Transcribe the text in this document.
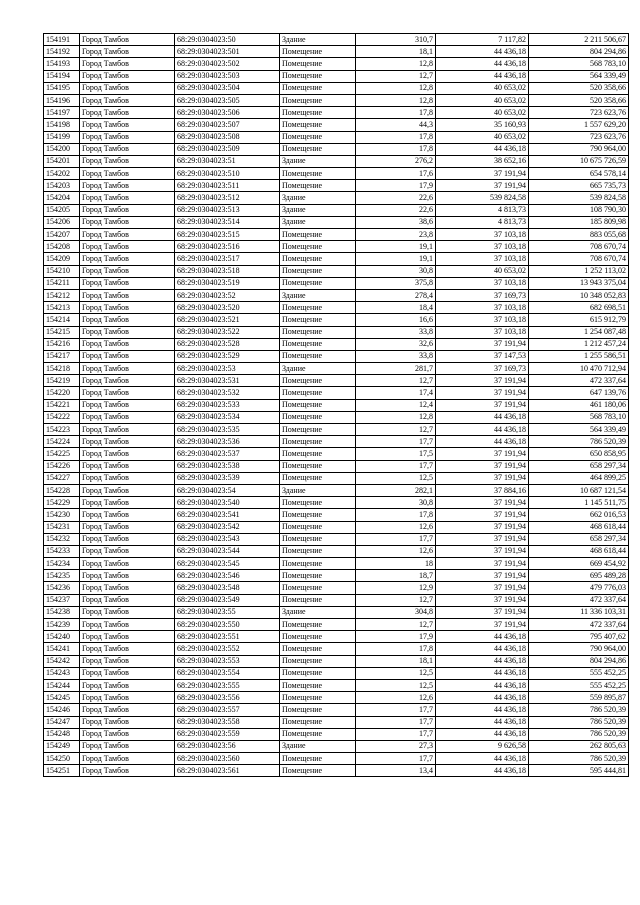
154191	Город Тамбов	68:29:0304023:50	Здание	310,7	7 117,82	2 211 506,67
154192	Город Тамбов	68:29:0304023:501	Помещение	18,1	44 436,18	804 294,86
154193	Город Тамбов	68:29:0304023:502	Помещение	12,8	44 436,18	568 783,10
154194	Город Тамбов	68:29:0304023:503	Помещение	12,7	44 436,18	564 339,49
154195	Город Тамбов	68:29:0304023:504	Помещение	12,8	40 653,02	520 358,66
154196	Город Тамбов	68:29:0304023:505	Помещение	12,8	40 653,02	520 358,66
154197	Город Тамбов	68:29:0304023:506	Помещение	17,8	40 653,02	723 623,76
154198	Город Тамбов	68:29:0304023:507	Помещение	44,3	35 160,93	1 557 629,20
154199	Город Тамбов	68:29:0304023:508	Помещение	17,8	40 653,02	723 623,76
154200	Город Тамбов	68:29:0304023:509	Помещение	17,8	44 436,18	790 964,00
154201	Город Тамбов	68:29:0304023:51	Здание	276,2	38 652,16	10 675 726,59
154202	Город Тамбов	68:29:0304023:510	Помещение	17,6	37 191,94	654 578,14
154203	Город Тамбов	68:29:0304023:511	Помещение	17,9	37 191,94	665 735,73
154204	Город Тамбов	68:29:0304023:512	Здание	22,6	539 824,58	539 824,58
154205	Город Тамбов	68:29:0304023:513	Здание	22,6	4 813,73	108 790,30
154206	Город Тамбов	68:29:0304023:514	Здание	38,6	4 813,73	185 809,98
154207	Город Тамбов	68:29:0304023:515	Помещение	23,8	37 103,18	883 055,68
154208	Город Тамбов	68:29:0304023:516	Помещение	19,1	37 103,18	708 670,74
154209	Город Тамбов	68:29:0304023:517	Помещение	19,1	37 103,18	708 670,74
154210	Город Тамбов	68:29:0304023:518	Помещение	30,8	40 653,02	1 252 113,02
154211	Город Тамбов	68:29:0304023:519	Помещение	375,8	37 103,18	13 943 375,04
154212	Город Тамбов	68:29:0304023:52	Здание	278,4	37 169,73	10 348 052,83
154213	Город Тамбов	68:29:0304023:520	Помещение	18,4	37 103,18	682 698,51
154214	Город Тамбов	68:29:0304023:521	Помещение	16,6	37 103,18	615 912,79
154215	Город Тамбов	68:29:0304023:522	Помещение	33,8	37 103,18	1 254 087,48
154216	Город Тамбов	68:29:0304023:528	Помещение	32,6	37 191,94	1 212 457,24
154217	Город Тамбов	68:29:0304023:529	Помещение	33,8	37 147,53	1 255 586,51
154218	Город Тамбов	68:29:0304023:53	Здание	281,7	37 169,73	10 470 712,94
154219	Город Тамбов	68:29:0304023:531	Помещение	12,7	37 191,94	472 337,64
154220	Город Тамбов	68:29:0304023:532	Помещение	17,4	37 191,94	647 139,76
154221	Город Тамбов	68:29:0304023:533	Помещение	12,4	37 191,94	461 180,06
154222	Город Тамбов	68:29:0304023:534	Помещение	12,8	44 436,18	568 783,10
154223	Город Тамбов	68:29:0304023:535	Помещение	12,7	44 436,18	564 339,49
154224	Город Тамбов	68:29:0304023:536	Помещение	17,7	44 436,18	786 520,39
154225	Город Тамбов	68:29:0304023:537	Помещение	17,5	37 191,94	650 858,95
154226	Город Тамбов	68:29:0304023:538	Помещение	17,7	37 191,94	658 297,34
154227	Город Тамбов	68:29:0304023:539	Помещение	12,5	37 191,94	464 899,25
154228	Город Тамбов	68:29:0304023:54	Здание	282,1	37 884,16	10 687 121,54
154229	Город Тамбов	68:29:0304023:540	Помещение	30,8	37 191,94	1 145 511,75
154230	Город Тамбов	68:29:0304023:541	Помещение	17,8	37 191,94	662 016,53
154231	Город Тамбов	68:29:0304023:542	Помещение	12,6	37 191,94	468 618,44
154232	Город Тамбов	68:29:0304023:543	Помещение	17,7	37 191,94	658 297,34
154233	Город Тамбов	68:29:0304023:544	Помещение	12,6	37 191,94	468 618,44
154234	Город Тамбов	68:29:0304023:545	Помещение	18	37 191,94	669 454,92
154235	Город Тамбов	68:29:0304023:546	Помещение	18,7	37 191,94	695 489,28
154236	Город Тамбов	68:29:0304023:548	Помещение	12,9	37 191,94	479 776,03
154237	Город Тамбов	68:29:0304023:549	Помещение	12,7	37 191,94	472 337,64
154238	Город Тамбов	68:29:0304023:55	Здание	304,8	37 191,94	11 336 103,31
154239	Город Тамбов	68:29:0304023:550	Помещение	12,7	37 191,94	472 337,64
154240	Город Тамбов	68:29:0304023:551	Помещение	17,9	44 436,18	795 407,62
154241	Город Тамбов	68:29:0304023:552	Помещение	17,8	44 436,18	790 964,00
154242	Город Тамбов	68:29:0304023:553	Помещение	18,1	44 436,18	804 294,86
154243	Город Тамбов	68:29:0304023:554	Помещение	12,5	44 436,18	555 452,25
154244	Город Тамбов	68:29:0304023:555	Помещение	12,5	44 436,18	555 452,25
154245	Город Тамбов	68:29:0304023:556	Помещение	12,6	44 436,18	559 895,87
154246	Город Тамбов	68:29:0304023:557	Помещение	17,7	44 436,18	786 520,39
154247	Город Тамбов	68:29:0304023:558	Помещение	17,7	44 436,18	786 520,39
154248	Город Тамбов	68:29:0304023:559	Помещение	17,7	44 436,18	786 520,39
154249	Город Тамбов	68:29:0304023:56	Здание	27,3	9 626,58	262 805,63
154250	Город Тамбов	68:29:0304023:560	Помещение	17,7	44 436,18	786 520,39
154251	Город Тамбов	68:29:0304023:561	Помещение	13,4	44 436,18	595 444,81
